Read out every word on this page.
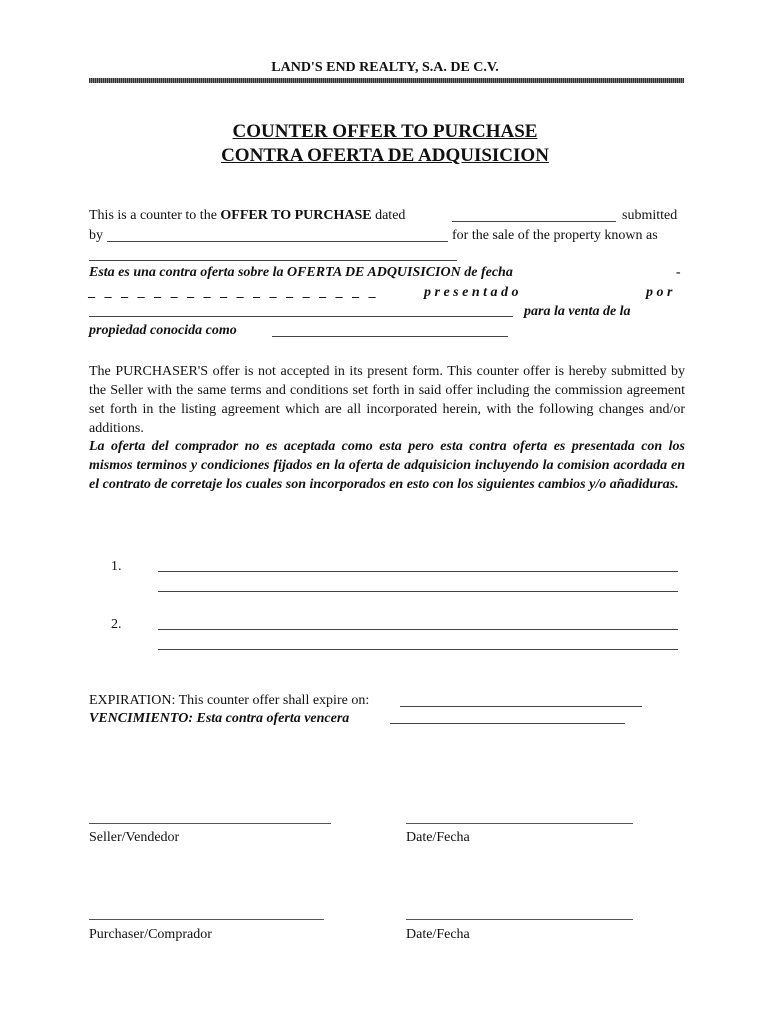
LAND'S END REALTY, S.A. DE C.V.
COUNTER OFFER TO PURCHASE
CONTRA OFERTA DE ADQUISICION
This is a counter to the OFFER TO PURCHASE dated	submitted
by	for the sale of the property known as
Esta es una contra oferta sobre la OFERTA DE ADQUISICION de fecha	-
_ _ _ _ _ _ _ _ _ _ _ _ _ _ _ _ _ _	p r e s e n t a d o	p o r
para la venta de la
propiedad conocida como
The PURCHASER'S offer is not accepted in its present form. This counter offer is hereby submitted by the Seller with the same terms and conditions set forth in said offer including the commission agreement set forth in the listing agreement which are all incorporated herein, with the following changes and/or additions.
La oferta del comprador no es aceptada como esta pero esta contra oferta es presentada con los mismos terminos y condiciones fijados en la oferta de adquisicion incluyendo la comision acordada en el contrato de corretaje los cuales son incorporados en esto con los siguientes cambios y/o añadiduras.
1.
2.
EXPIRATION: This counter offer shall expire on:
VENCIMIENTO: Esta contra oferta vencera
Seller/Vendedor	Date/Fecha
Purchaser/Comprador	Date/Fecha
